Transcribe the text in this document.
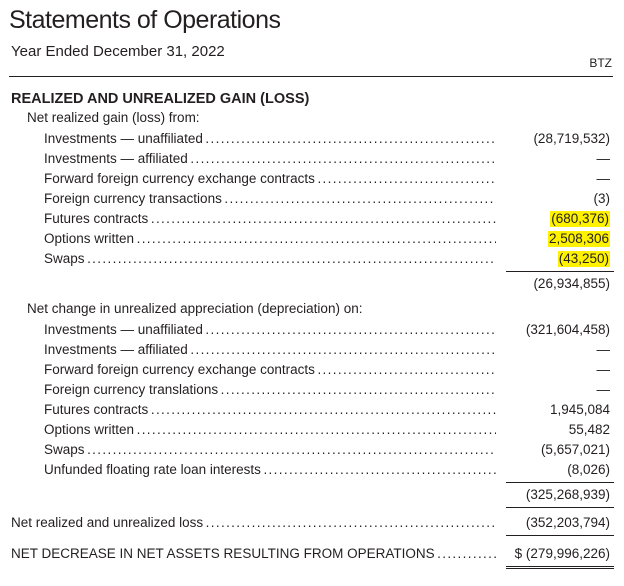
Statements of Operations
Year Ended December 31, 2022
BTZ
REALIZED AND UNREALIZED GAIN (LOSS)
Net realized gain (loss) from:
Investments — unaffiliated . . .	(28,719,532)
Investments — affiliated . . .	—
Forward foreign currency exchange contracts . . .	—
Foreign currency transactions . . .	(3)
Futures contracts . . .	(680,376)
Options written . . .	2,508,306
Swaps . . .	(43,250)
(26,934,855)
Net change in unrealized appreciation (depreciation) on:
Investments — unaffiliated . . .	(321,604,458)
Investments — affiliated . . .	—
Forward foreign currency exchange contracts . . .	—
Foreign currency translations . . .	—
Futures contracts . . .	1,945,084
Options written . . .	55,482
Swaps . . .	(5,657,021)
Unfunded floating rate loan interests . . .	(8,026)
(325,268,939)
Net realized and unrealized loss . . .	(352,203,794)
NET DECREASE IN NET ASSETS RESULTING FROM OPERATIONS . . .	$ (279,996,226)
